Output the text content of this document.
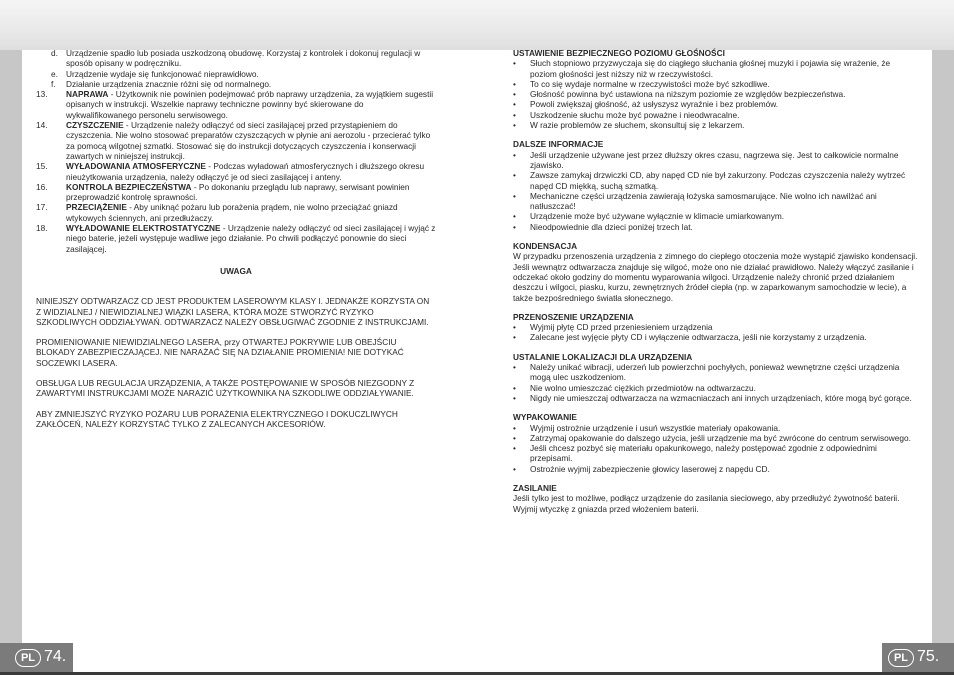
PL 74.	PL 75.

d. Urządzenie spadło lub posiada uszkodzoną obudowę. Korzystaj z kontrolek i dokonuj regulacji w sposób opisany w podręczniku.

e. Urządzenie wydaje się funkcjonować nieprawidłowo.

f. Działanie urządzenia znacznie różni się od normalnego.

13. NAPRAWA - Użytkownik nie powinien podejmować prób naprawy urządzenia, za wyjątkiem sugestii opisanych w instrukcji. Wszelkie naprawy techniczne powinny być skierowane do wykwalifikowanego personelu serwisowego.

14. CZYSZCZENIE - Urządzenie należy odłączyć od sieci zasilającej przed przystąpieniem do czyszczenia. Nie wolno stosować preparatów czyszczących w płynie ani aerozolu - przecierać tylko za pomocą wilgotnej szmatki. Stosować się do instrukcji dotyczących czyszczenia i konserwacji zawartych w niniejszej instrukcji.

15. WYŁADOWANIA ATMOSFERYCZNE - Podczas wyładowań atmosferycznych i dłuższego okresu nieużytkowania urządzenia, należy odłączyć je od sieci zasilającej i anteny.

16. KONTROLA BEZPIECZEŃSTWA - Po dokonaniu przeglądu lub naprawy, serwisant powinien przeprowadzić kontrolę sprawności.

17. PRZECIĄŻENIE - Aby uniknąć pożaru lub porażenia prądem, nie wolno przeciążać gniazd wtykowych ściennych, ani przedłużaczy.

18. WYŁADOWANIE ELEKTROSTATYCZNE - Urządzenie należy odłączyć od sieci zasilającej i wyjąć z niego baterie, jeżeli występuje wadliwe jego działanie. Po chwili podłączyć ponownie do sieci zasilającej.

UWAGA

NINIEJSZY ODTWARZACZ CD JEST PRODUKTEM LASEROWYM KLASY I. JEDNAKŻE KORZYSTA ON Z WIDZIALNEJ / NIEWIDZIALNEJ WIĄZKI LASERA, KTÓRA MOŻE STWORZYĆ RYZYKO SZKODLIWYCH ODDZIAŁYWAŃ. ODTWARZACZ NALEŻY OBSŁUGIWAĆ ZGODNIE Z INSTRUKCJAMI.

PROMIENIOWANIE NIEWIDZIALNEGO LASERA, przy OTWARTEJ POKRYWIE LUB OBEJŚCIU BLOKADY ZABEZPIECZAJĄCEJ. NIE NARAŻAĆ SIĘ NA DZIAŁANIE PROMIENIA! NIE DOTYKAĆ SOCZEWKI LASERA.

OBSŁUGA LUB REGULACJA URZĄDZENIA, A TAKŻE POSTĘPOWANIE W SPOSÓB NIEZGODNY Z ZAWARTYMI INSTRUKCJAMI MOŻE NARAZIĆ UŻYTKOWNIKA NA SZKODLIWE ODDZIAŁYWANIE.

ABY ZMNIEJSZYĆ RYZYKO POŻARU LUB PORAŻENIA ELEKTRYCZNEGO I DOKUCZLIWYCH ZAKŁÓCEŃ, NALEŻY KORZYSTAĆ TYLKO Z ZALECANYCH AKCESORIÓW.

USTAWIENIE BEZPIECZNEGO POZIOMU GŁOŚNOŚCI

• Słuch stopniowo przyzwyczaja się do ciągłego słuchania głośnej muzyki i pojawia się wrażenie, że poziom głośności jest niższy niż w rzeczywistości.

• To co się wydaje normalne w rzeczywistości może być szkodliwe.

• Głośność powinna być ustawiona na niższym poziomie ze względów bezpieczeństwa.

• Powoli zwiększaj głośność, aż usłyszysz wyraźnie i bez problemów.

• Uszkodzenie słuchu może być poważne i nieodwracalne.

• W razie problemów ze słuchem, skonsultuj się z lekarzem.

DALSZE INFORMACJE

• Jeśli urządzenie używane jest przez dłuższy okres czasu, nagrzewa się. Jest to całkowicie normalne zjawisko.

• Zawsze zamykaj drzwiczki CD, aby napęd CD nie był zakurzony. Podczas czyszczenia należy wytrzeć napęd CD miękką, suchą szmatką.

• Mechaniczne części urządzenia zawierają łożyska samosmarujące. Nie wolno ich nawilżać ani natłuszczać!

• Urządzenie może być używane wyłącznie w klimacie umiarkowanym.

• Nieodpowiednie dla dzieci poniżej trzech lat.

KONDENSACJA

W przypadku przenoszenia urządzenia z zimnego do ciepłego otoczenia może wystąpić zjawisko kondensacji. Jeśli wewnątrz odtwarzacza znajduje się wilgoć, może ono nie działać prawidłowo. Należy włączyć zasilanie i odczekać około godziny do momentu wyparowania wilgoci. Urządzenie należy chronić przed działaniem deszczu i wilgoci, piasku, kurzu, zewnętrznych źródeł ciepła (np. w zaparkowanym samochodzie w lecie), a także bezpośredniego światła słonecznego.

PRZENOSZENIE URZĄDZENIA

• Wyjmij płytę CD przed przeniesieniem urządzenia

• Zalecane jest wyjęcie płyty CD i wyłączenie odtwarzacza, jeśli nie korzystamy z urządzenia.

USTALANIE LOKALIZACJI DLA URZĄDZENIA

• Należy unikać wibracji, uderzeń lub powierzchni pochyłych, ponieważ wewnętrzne części urządzenia mogą ulec uszkodzeniom.

• Nie wolno umieszczać ciężkich przedmiotów na odtwarzaczu.

• Nigdy nie umieszczaj odtwarzacza na wzmacniaczach ani innych urządzeniach, które mogą być gorące.

WYPAKOWANIE

• Wyjmij ostrożnie urządzenie i usuń wszystkie materiały opakowania.

• Zatrzymaj opakowanie do dalszego użycia, jeśli urządzenie ma być zwrócone do centrum serwisowego.

• Jeśli chcesz pozbyć się materiału opakunkowego, należy postępować zgodnie z odpowiednimi przepisami.

• Ostrożnie wyjmij zabezpieczenie głowicy laserowej z napędu CD.

ZASILANIE

Jeśli tylko jest to możliwe, podłącz urządzenie do zasilania sieciowego, aby przedłużyć żywotność baterii. Wyjmij wtyczkę z gniazda przed włożeniem baterii.
